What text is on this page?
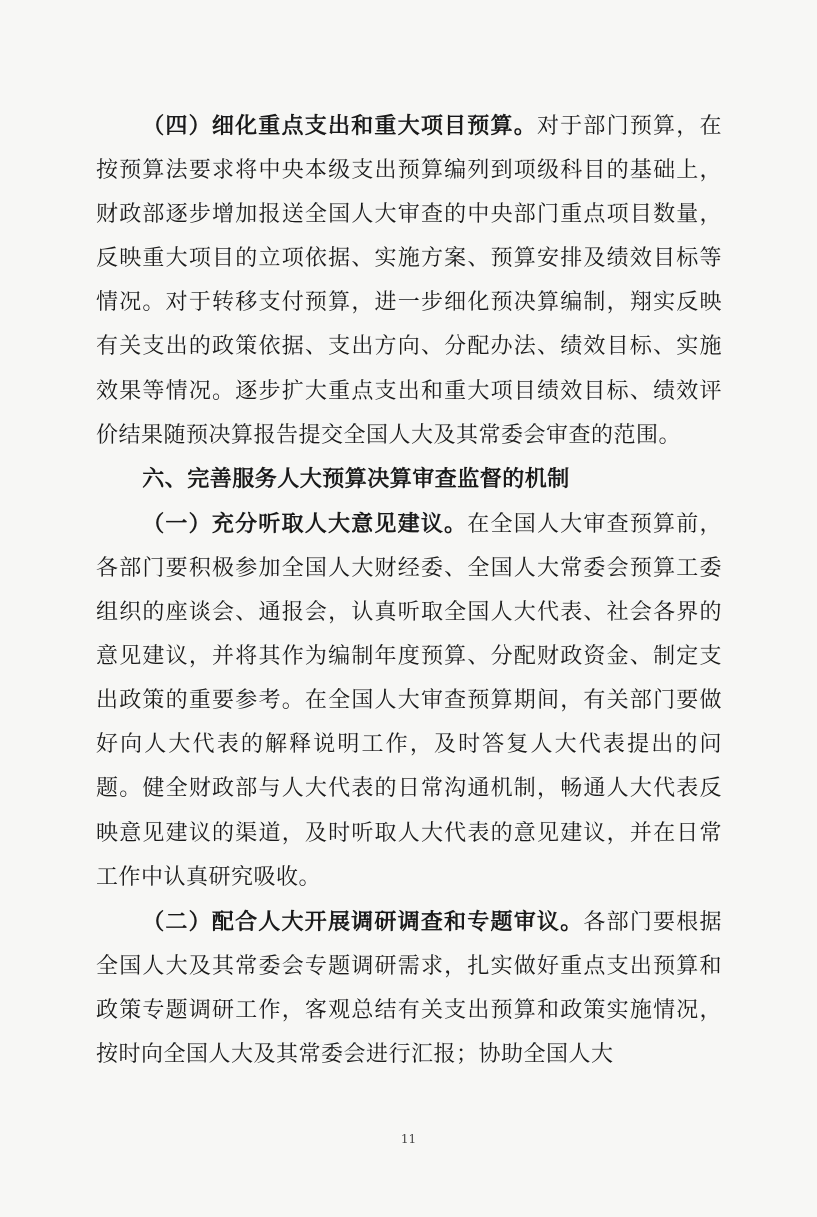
（四）细化重点支出和重大项目预算。对于部门预算，在按预算法要求将中央本级支出预算编列到项级科目的基础上，财政部逐步增加报送全国人大审查的中央部门重点项目数量，反映重大项目的立项依据、实施方案、预算安排及绩效目标等情况。对于转移支付预算，进一步细化预决算编制，翔实反映有关支出的政策依据、支出方向、分配办法、绩效目标、实施效果等情况。逐步扩大重点支出和重大项目绩效目标、绩效评价结果随预决算报告提交全国人大及其常委会审查的范围。

六、完善服务人大预算决算审查监督的机制

（一）充分听取人大意见建议。在全国人大审查预算前，各部门要积极参加全国人大财经委、全国人大常委会预算工委组织的座谈会、通报会，认真听取全国人大代表、社会各界的意见建议，并将其作为编制年度预算、分配财政资金、制定支出政策的重要参考。在全国人大审查预算期间，有关部门要做好向人大代表的解释说明工作，及时答复人大代表提出的问题。健全财政部与人大代表的日常沟通机制，畅通人大代表反映意见建议的渠道，及时听取人大代表的意见建议，并在日常工作中认真研究吸收。

（二）配合人大开展调研调查和专题审议。各部门要根据全国人大及其常委会专题调研需求，扎实做好重点支出预算和政策专题调研工作，客观总结有关支出预算和政策实施情况，按时向全国人大及其常委会进行汇报；协助全国人大

11
